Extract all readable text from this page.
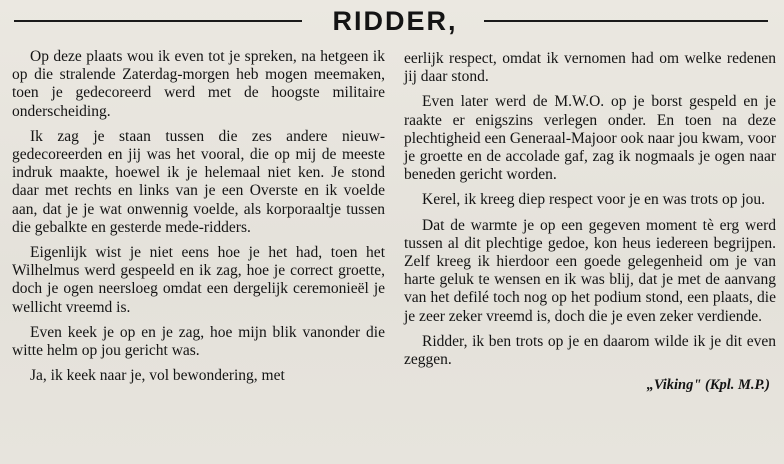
RIDDER,

Op deze plaats wou ik even tot je spreken, na hetgeen ik op die stralende Zaterdag-morgen heb mogen meemaken, toen je gedecoreerd werd met de hoogste militaire onderscheiding.

Ik zag je staan tussen die zes andere nieuw-gedecoreerden en jij was het vooral, die op mij de meeste indruk maakte, hoewel ik je helemaal niet ken. Je stond daar met rechts en links van je een Overste en ik voelde aan, dat je je wat onwennig voelde, als korporaaltje tussen die gebalkte en gesterde mede-ridders.

Eigenlijk wist je niet eens hoe je het had, toen het Wilhelmus werd gespeeld en ik zag, hoe je correct groette, doch je ogen neersloeg omdat een dergelijk ceremonieël je wellicht vreemd is.

Even keek je op en je zag, hoe mijn blik vanonder die witte helm op jou gericht was.

Ja, ik keek naar je, vol bewondering, met

eerlijk respect, omdat ik vernomen had om welke redenen jij daar stond.

Even later werd de M.W.O. op je borst gespeld en je raakte er enigszins verlegen onder. En toen na deze plechtigheid een Generaal-Majoor ook naar jou kwam, voor je groette en de accolade gaf, zag ik nogmaals je ogen naar beneden gericht worden.

Kerel, ik kreeg diep respect voor je en was trots op jou.

Dat de warmte je op een gegeven moment tè erg werd tussen al dit plechtige gedoe, kon heus iedereen begrijpen. Zelf kreeg ik hierdoor een goede gelegenheid om je van harte geluk te wensen en ik was blij, dat je met de aanvang van het defilé toch nog op het podium stond, een plaats, die je zeer zeker vreemd is, doch die je even zeker verdiende.

Ridder, ik ben trots op je en daarom wilde ik je dit even zeggen.

„Viking" (Kpl. M.P.)
